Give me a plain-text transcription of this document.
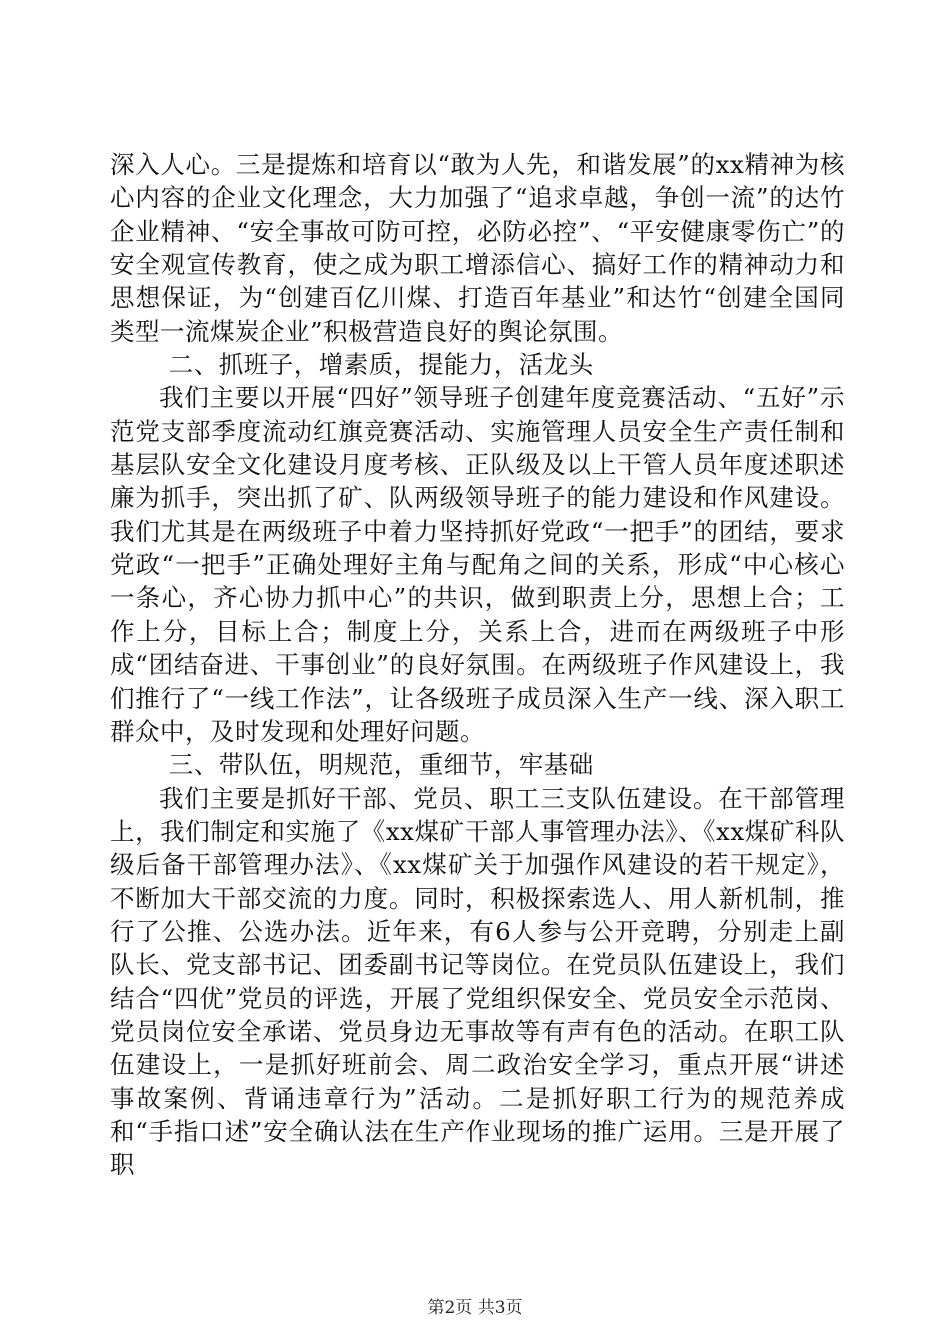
深入人心。三是提炼和培育以“敢为人先，和谐发展”的xx精神为核心内容的企业文化理念，大力加强了“追求卓越，争创一流”的达竹企业精神、“安全事故可防可控，必防必控”、“平安健康零伤亡”的安全观宣传教育，使之成为职工增添信心、搞好工作的精神动力和思想保证，为“创建百亿川煤、打造百年基业”和达竹“创建全国同类型一流煤炭企业”积极营造良好的舆论氛围。

二、抓班子，增素质，提能力，活龙头

我们主要以开展“四好”领导班子创建年度竞赛活动、“五好”示范党支部季度流动红旗竞赛活动、实施管理人员安全生产责任制和基层队安全文化建设月度考核、正队级及以上干管人员年度述职述廉为抓手，突出抓了矿、队两级领导班子的能力建设和作风建设。我们尤其是在两级班子中着力坚持抓好党政“一把手”的团结，要求党政“一把手”正确处理好主角与配角之间的关系，形成“中心核心一条心，齐心协力抓中心”的共识，做到职责上分，思想上合；工作上分，目标上合；制度上分，关系上合，进而在两级班子中形成“团结奋进、干事创业”的良好氛围。在两级班子作风建设上，我们推行了“一线工作法”，让各级班子成员深入生产一线、深入职工群众中，及时发现和处理好问题。

三、带队伍，明规范，重细节，牢基础

我们主要是抓好干部、党员、职工三支队伍建设。在干部管理上，我们制定和实施了《xx煤矿干部人事管理办法》、《xx煤矿科队级后备干部管理办法》、《xx煤矿关于加强作风建设的若干规定》，不断加大干部交流的力度。同时，积极探索选人、用人新机制，推行了公推、公选办法。近年来，有6人参与公开竞聘，分别走上副队长、党支部书记、团委副书记等岗位。在党员队伍建设上，我们结合“四优”党员的评选，开展了党组织保安全、党员安全示范岗、党员岗位安全承诺、党员身边无事故等有声有色的活动。在职工队伍建设上，一是抓好班前会、周二政治安全学习，重点开展“讲述事故案例、背诵违章行为”活动。二是抓好职工行为的规范养成和“手指口述”安全确认法在生产作业现场的推广运用。三是开展了职

第2页 共3页
